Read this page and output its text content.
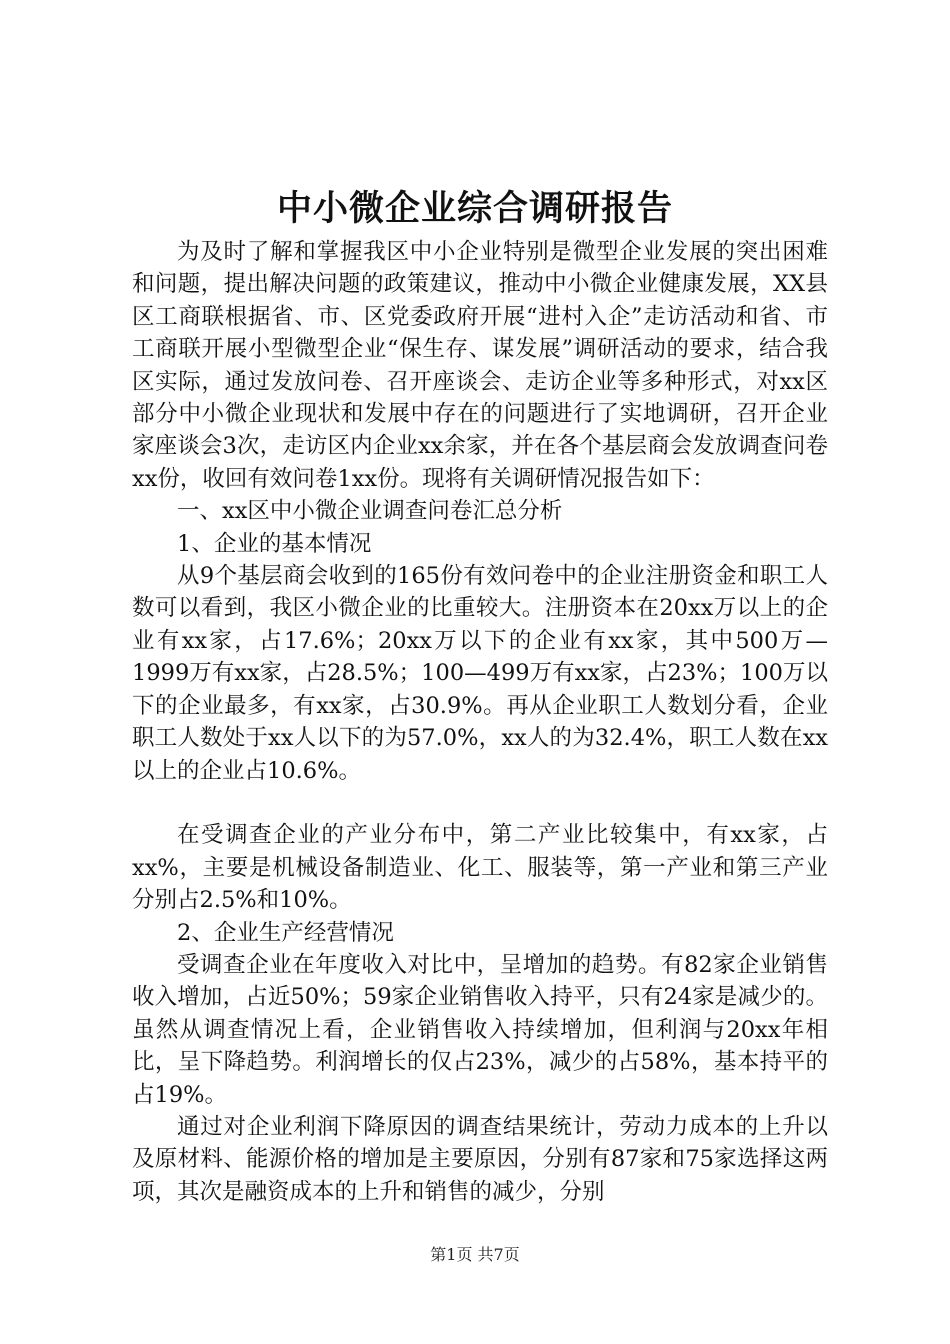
中小微企业综合调研报告

为及时了解和掌握我区中小企业特别是微型企业发展的突出困难和问题，提出解决问题的政策建议，推动中小微企业健康发展，XX县区工商联根据省、市、区党委政府开展“进村入企”走访活动和省、市工商联开展小型微型企业“保生存、谋发展”调研活动的要求，结合我区实际，通过发放问卷、召开座谈会、走访企业等多种形式，对xx区部分中小微企业现状和发展中存在的问题进行了实地调研，召开企业家座谈会3次，走访区内企业xx余家，并在各个基层商会发放调查问卷xx份，收回有效问卷1xx份。现将有关调研情况报告如下：

一、xx区中小微企业调查问卷汇总分析

1、企业的基本情况

从9个基层商会收到的165份有效问卷中的企业注册资金和职工人数可以看到，我区小微企业的比重较大。注册资本在20xx万以上的企业有xx家，占17.6%；20xx万以下的企业有xx家，其中500万—1999万有xx家，占28.5%；100—499万有xx家，占23%；100万以下的企业最多，有xx家，占30.9%。再从企业职工人数划分看，企业职工人数处于xx人以下的为57.0%，xx人的为32.4%，职工人数在xx以上的企业占10.6%。

在受调查企业的产业分布中，第二产业比较集中，有xx家，占xx%，主要是机械设备制造业、化工、服装等，第一产业和第三产业分别占2.5%和10%。

2、企业生产经营情况

受调查企业在年度收入对比中，呈增加的趋势。有82家企业销售收入增加，占近50%；59家企业销售收入持平，只有24家是减少的。虽然从调查情况上看，企业销售收入持续增加，但利润与20xx年相比，呈下降趋势。利润增长的仅占23%，减少的占58%，基本持平的占19%。

通过对企业利润下降原因的调查结果统计，劳动力成本的上升以及原材料、能源价格的增加是主要原因，分别有87家和75家选择这两项，其次是融资成本的上升和销售的减少，分别

第1页 共7页
